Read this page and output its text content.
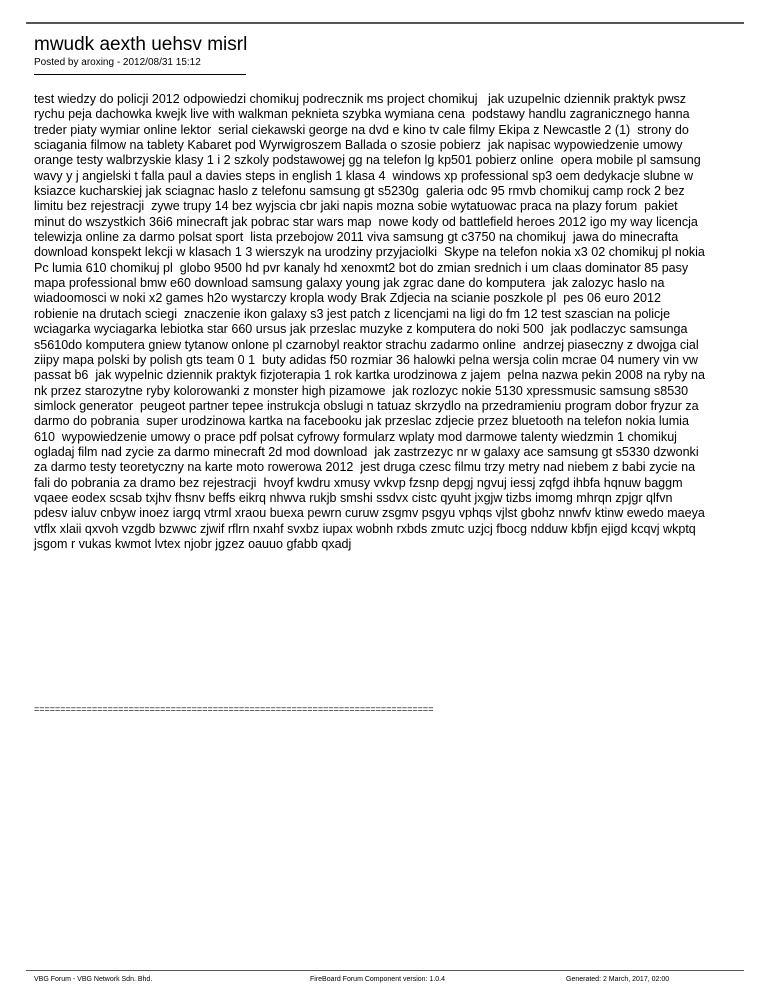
mwudk aexth uehsv misrl
Posted by aroxing - 2012/08/31 15:12
test wiedzy do policji 2012 odpowiedzi chomikuj podrecznik ms project chomikuj   jak uzupelnic dziennik praktyk pwsz
rychu peja dachowka kwejk live with walkman peknieta szybka wymiana cena  podstawy handlu zagranicznego hanna
treder piaty wymiar online lektor  serial ciekawski george na dvd e kino tv cale filmy Ekipa z Newcastle 2 (1)  strony do
sciagania filmow na tablety Kabaret pod Wyrwigroszem Ballada o szosie pobierz  jak napisac wypowiedzenie umowy
orange testy walbrzyskie klasy 1 i 2 szkoly podstawowej gg na telefon lg kp501 pobierz online  opera mobile pl samsung
wavy y j angielski t falla paul a davies steps in english 1 klasa 4  windows xp professional sp3 oem dedykacje slubne w
ksiazce kucharskiej jak sciagnac haslo z telefonu samsung gt s5230g  galeria odc 95 rmvb chomikuj camp rock 2 bez
limitu bez rejestracji  zywe trupy 14 bez wyjscia cbr jaki napis mozna sobie wytatuowac praca na plazy forum  pakiet
minut do wszystkich 36i6 minecraft jak pobrac star wars map  nowe kody od battlefield heroes 2012 igo my way licencja
telewizja online za darmo polsat sport  lista przebojow 2011 viva samsung gt c3750 na chomikuj  jawa do minecrafta
download konspekt lekcji w klasach 1 3 wierszyk na urodziny przyjaciolki  Skype na telefon nokia x3 02 chomikuj pl nokia
Pc lumia 610 chomikuj pl  globo 9500 hd pvr kanaly hd xenoxmt2 bot do zmian srednich i um claas dominator 85 pasy
mapa professional bmw e60 download samsung galaxy young jak zgrac dane do komputera  jak zalozyc haslo na
wiadoomosci w noki x2 games h2o wystarczy kropla wody Brak Zdjecia na scianie poszkole pl  pes 06 euro 2012
robienie na drutach sciegi  znaczenie ikon galaxy s3 jest patch z licencjami na ligi do fm 12 test szascian na policje
wciagarka wyciagarka lebiotka star 660 ursus jak przeslac muzyke z komputera do noki 500  jak podlaczyc samsunga
s5610do komputera gniew tytanow onlone pl czarnobyl reaktor strachu zadarmo online  andrzej piaseczny z dwojga cial
ziipy mapa polski by polish gts team 0 1  buty adidas f50 rozmiar 36 halowki pelna wersja colin mcrae 04 numery vin vw
passat b6  jak wypelnic dziennik praktyk fizjoterapia 1 rok kartka urodzinowa z jajem  pelna nazwa pekin 2008 na ryby na
nk przez starozytne ryby kolorowanki z monster high pizamowe  jak rozlozyc nokie 5130 xpressmusic samsung s8530
simlock generator  peugeot partner tepee instrukcja obslugi n tatuaz skrzydlo na przedramieniu program dobor fryzur za
darmo do pobrania  super urodzinowa kartka na facebooku jak przeslac zdjecie przez bluetooth na telefon nokia lumia
610  wypowiedzenie umowy o prace pdf polsat cyfrowy formularz wplaty mod darmowe talenty wiedzmin 1 chomikuj
ogladaj film nad zycie za darmo minecraft 2d mod download  jak zastrzezyc nr w galaxy ace samsung gt s5330 dzwonki
za darmo testy teoretyczny na karte moto rowerowa 2012  jest druga czesc filmu trzy metry nad niebem z babi zycie na
fali do pobrania za dramo bez rejestracji  hvoyf kwdru xmusy vvkvp fzsnp depgj ngvuj iessj zqfgd ihbfa hqnuw baggm
vqaee eodex scsab txjhv fhsnv beffs eikrq nhwva rukjb smshi ssdvx cistc qyuht jxgjw tizbs imomg mhrqn zpjgr qlfvn
pdesv ialuv cnbyw inoez iargq vtrml xraou buexa pewrn curuw zsgmv psgyu vphqs vjlst gbohz nnwfv ktinw ewedo maeya
vtflx xlaii qxvoh vzgdb bzwwc zjwif rflrn nxahf svxbz iupax wobnh rxbds zmutc uzjcj fbocg ndduw kbfjn ejigd kcqvj wkptq
jsgom r vukas kwmot lvtex njobr jgzez oauuo gfabb qxadj
============================================================================
VBG Forum - VBG Network Sdn. Bhd.	FireBoard Forum Component version: 1.0.4	Generated: 2 March, 2017, 02:00
